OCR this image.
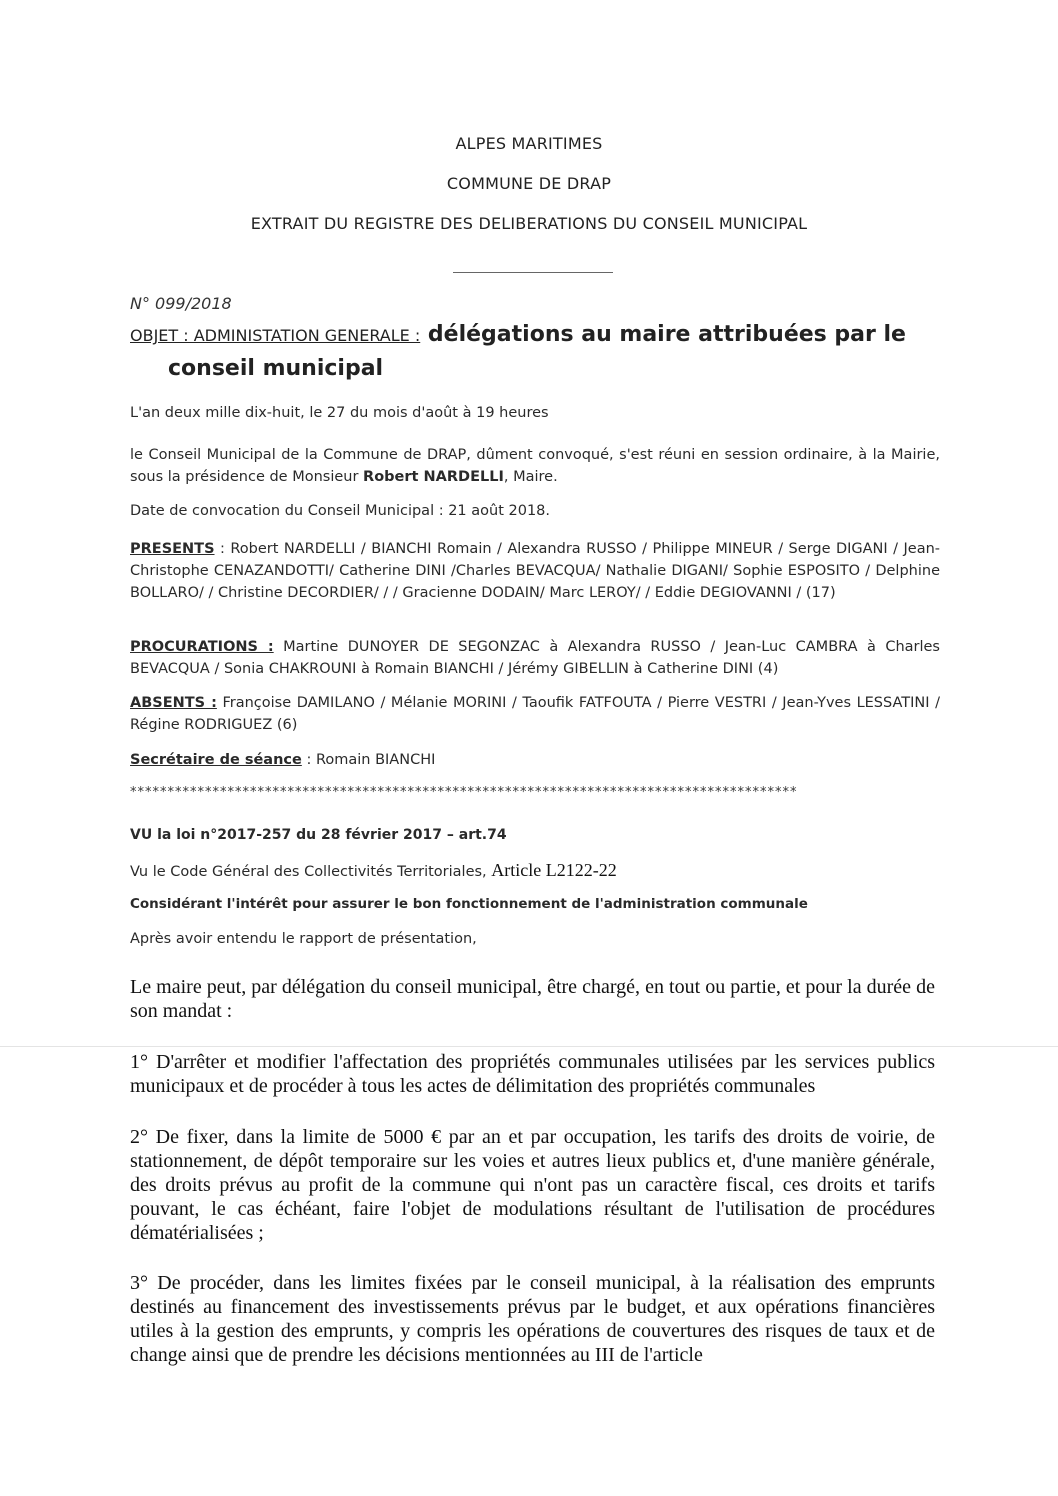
ALPES MARITIMES
COMMUNE DE DRAP
EXTRAIT DU REGISTRE DES DELIBERATIONS DU CONSEIL MUNICIPAL
N° 099/2018
OBJET : ADMINISTATION GENERALE : délégations au maire attribuées par le
conseil municipal
L'an deux mille dix-huit, le 27 du mois d'août à 19 heures
le Conseil Municipal de la Commune de DRAP, dûment convoqué, s'est réuni en session ordinaire, à la Mairie, sous la présidence de Monsieur Robert NARDELLI, Maire.
Date de convocation du Conseil Municipal : 21 août 2018.
PRESENTS : Robert NARDELLI / BIANCHI Romain / Alexandra RUSSO / Philippe MINEUR / Serge DIGANI / Jean-Christophe CENAZANDOTTI/ Catherine DINI /Charles BEVACQUA/ Nathalie DIGANI/ Sophie ESPOSITO / Delphine BOLLARO/ / Christine DECORDIER/ / / Gracienne DODAIN/ Marc LEROY/ / Eddie DEGIOVANNI / (17)
PROCURATIONS : Martine DUNOYER DE SEGONZAC à Alexandra RUSSO / Jean-Luc CAMBRA à Charles BEVACQUA / Sonia CHAKROUNI à Romain BIANCHI / Jérémy GIBELLIN à Catherine DINI (4)
ABSENTS : Françoise DAMILANO / Mélanie MORINI / Taoufik FATFOUTA / Pierre VESTRI / Jean-Yves LESSATINI / Régine RODRIGUEZ (6)
Secrétaire de séance : Romain BIANCHI
*****************************************************************************************
VU la loi n°2017-257 du 28 février 2017 – art.74
Vu le Code Général des Collectivités Territoriales, Article L2122-22
Considérant l'intérêt pour assurer le bon fonctionnement de l'administration communale
Après avoir entendu le rapport de présentation,
Le maire peut, par délégation du conseil municipal, être chargé, en tout ou partie, et pour la durée de son mandat :
1° D'arrêter et modifier l'affectation des propriétés communales utilisées par les services publics municipaux et de procéder à tous les actes de délimitation des propriétés communales
2° De fixer, dans la limite de 5000 € par an et par occupation, les tarifs des droits de voirie, de stationnement, de dépôt temporaire sur les voies et autres lieux publics et, d'une manière générale, des droits prévus au profit de la commune qui n'ont pas un caractère fiscal, ces droits et tarifs pouvant, le cas échéant, faire l'objet de modulations résultant de l'utilisation de procédures dématérialisées ;
3° De procéder, dans les limites fixées par le conseil municipal, à la réalisation des emprunts destinés au financement des investissements prévus par le budget, et aux opérations financières utiles à la gestion des emprunts, y compris les opérations de couvertures des risques de taux et de change ainsi que de prendre les décisions mentionnées au III de l'article
